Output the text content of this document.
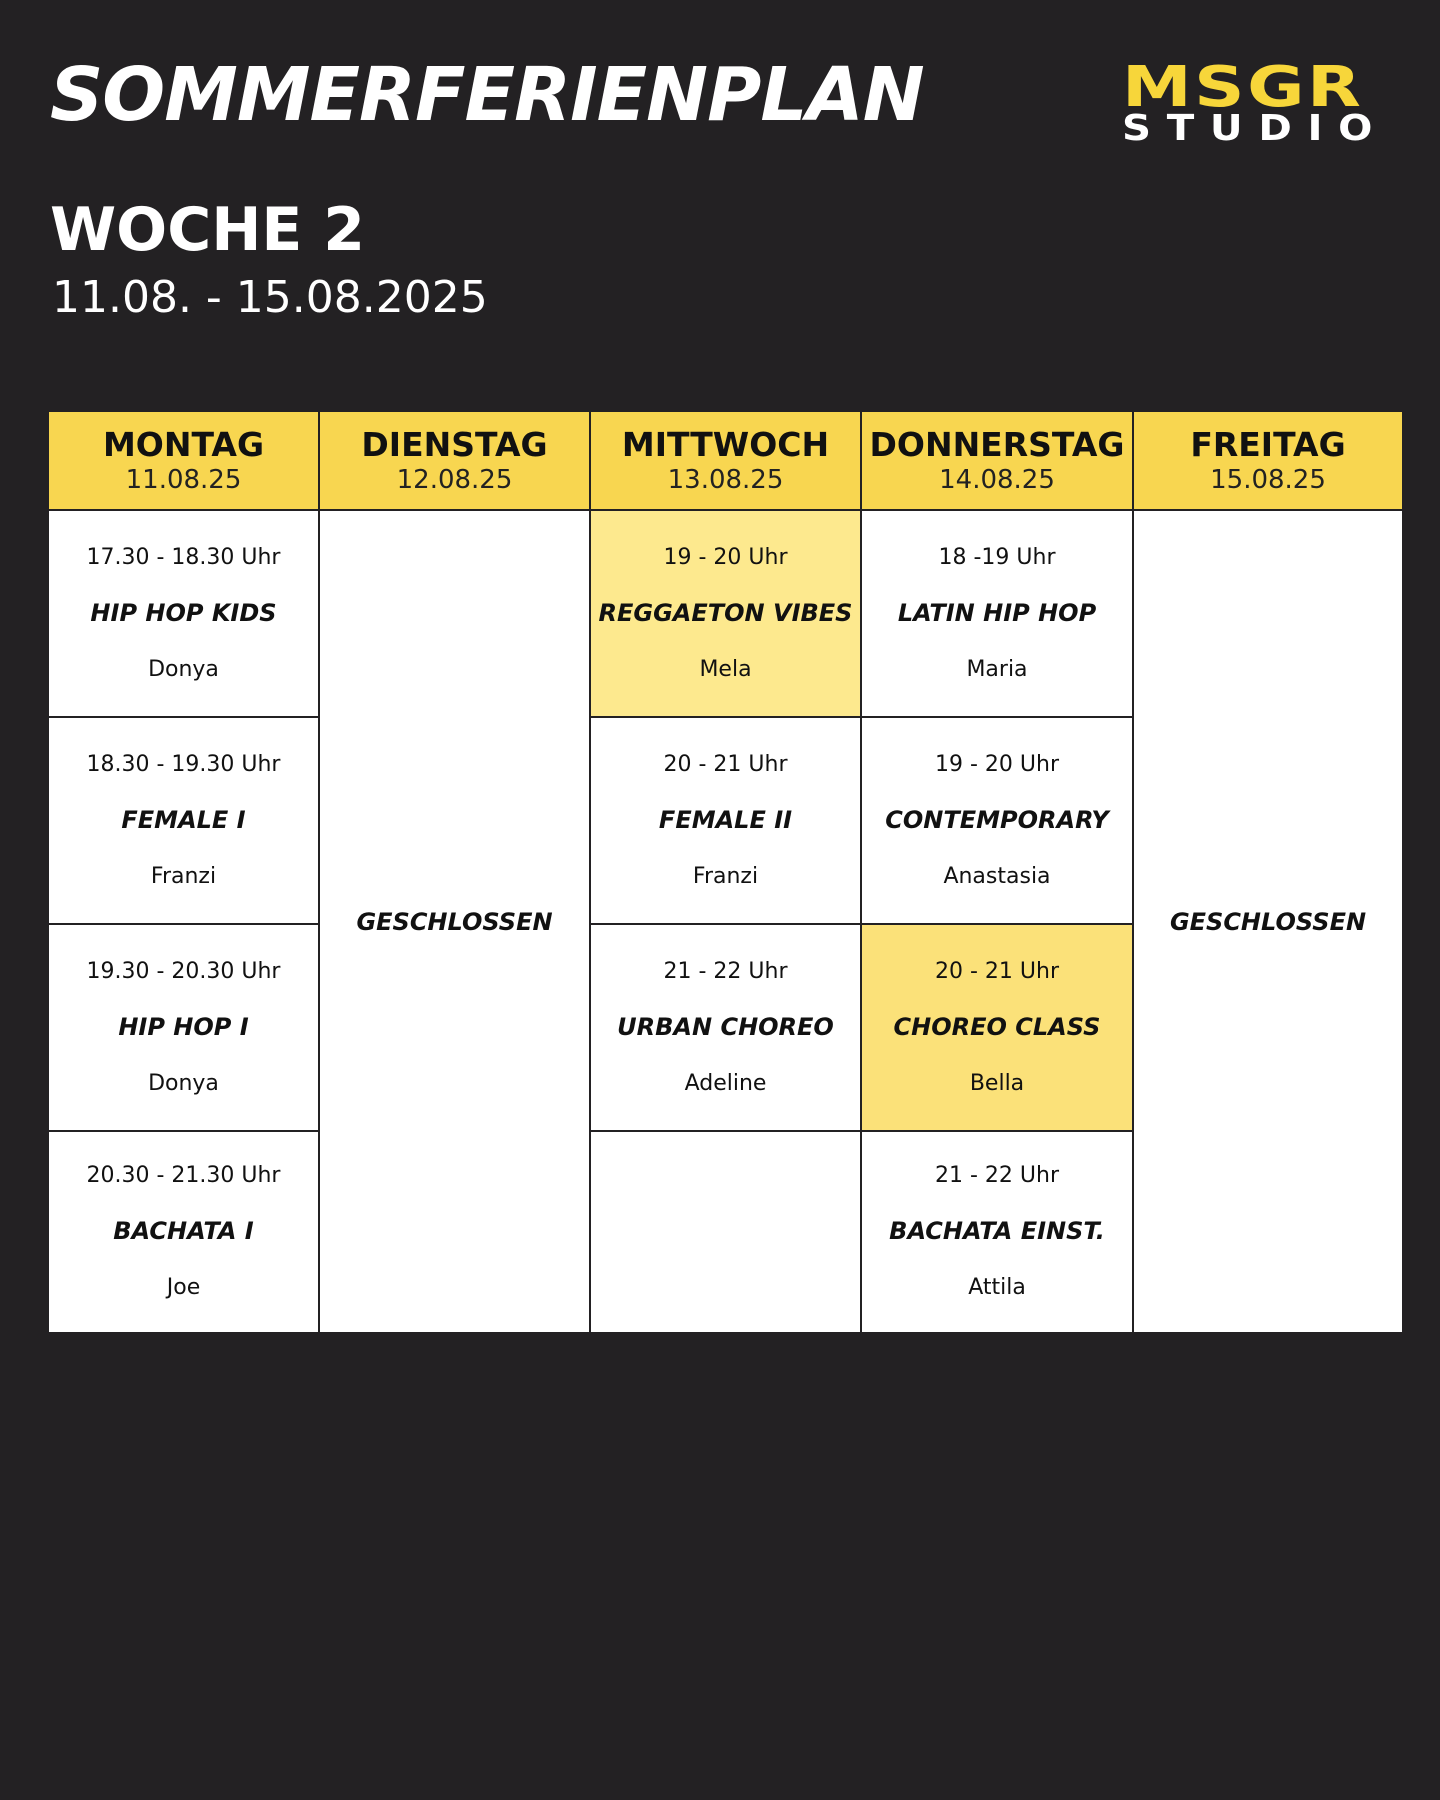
SOMMERFERIENPLAN
WOCHE 2
11.08. - 15.08.2025
MSGR
STUDIO
MONTAG
11.08.25
DIENSTAG
12.08.25
MITTWOCH
13.08.25
DONNERSTAG
14.08.25
FREITAG
15.08.25
17.30 - 18.30 Uhr
HIP HOP KIDS
Donya
GESCHLOSSEN
19 - 20 Uhr
REGGAETON VIBES
Mela
18 -19 Uhr
LATIN HIP HOP
Maria
GESCHLOSSEN
18.30 - 19.30 Uhr
FEMALE I
Franzi
20 - 21 Uhr
FEMALE II
Franzi
19 - 20 Uhr
CONTEMPORARY
Anastasia
19.30 - 20.30 Uhr
HIP HOP I
Donya
21 - 22 Uhr
URBAN CHOREO
Adeline
20 - 21 Uhr
CHOREO CLASS
Bella
20.30 - 21.30 Uhr
BACHATA I
Joe
21 - 22 Uhr
BACHATA EINST.
Attila
